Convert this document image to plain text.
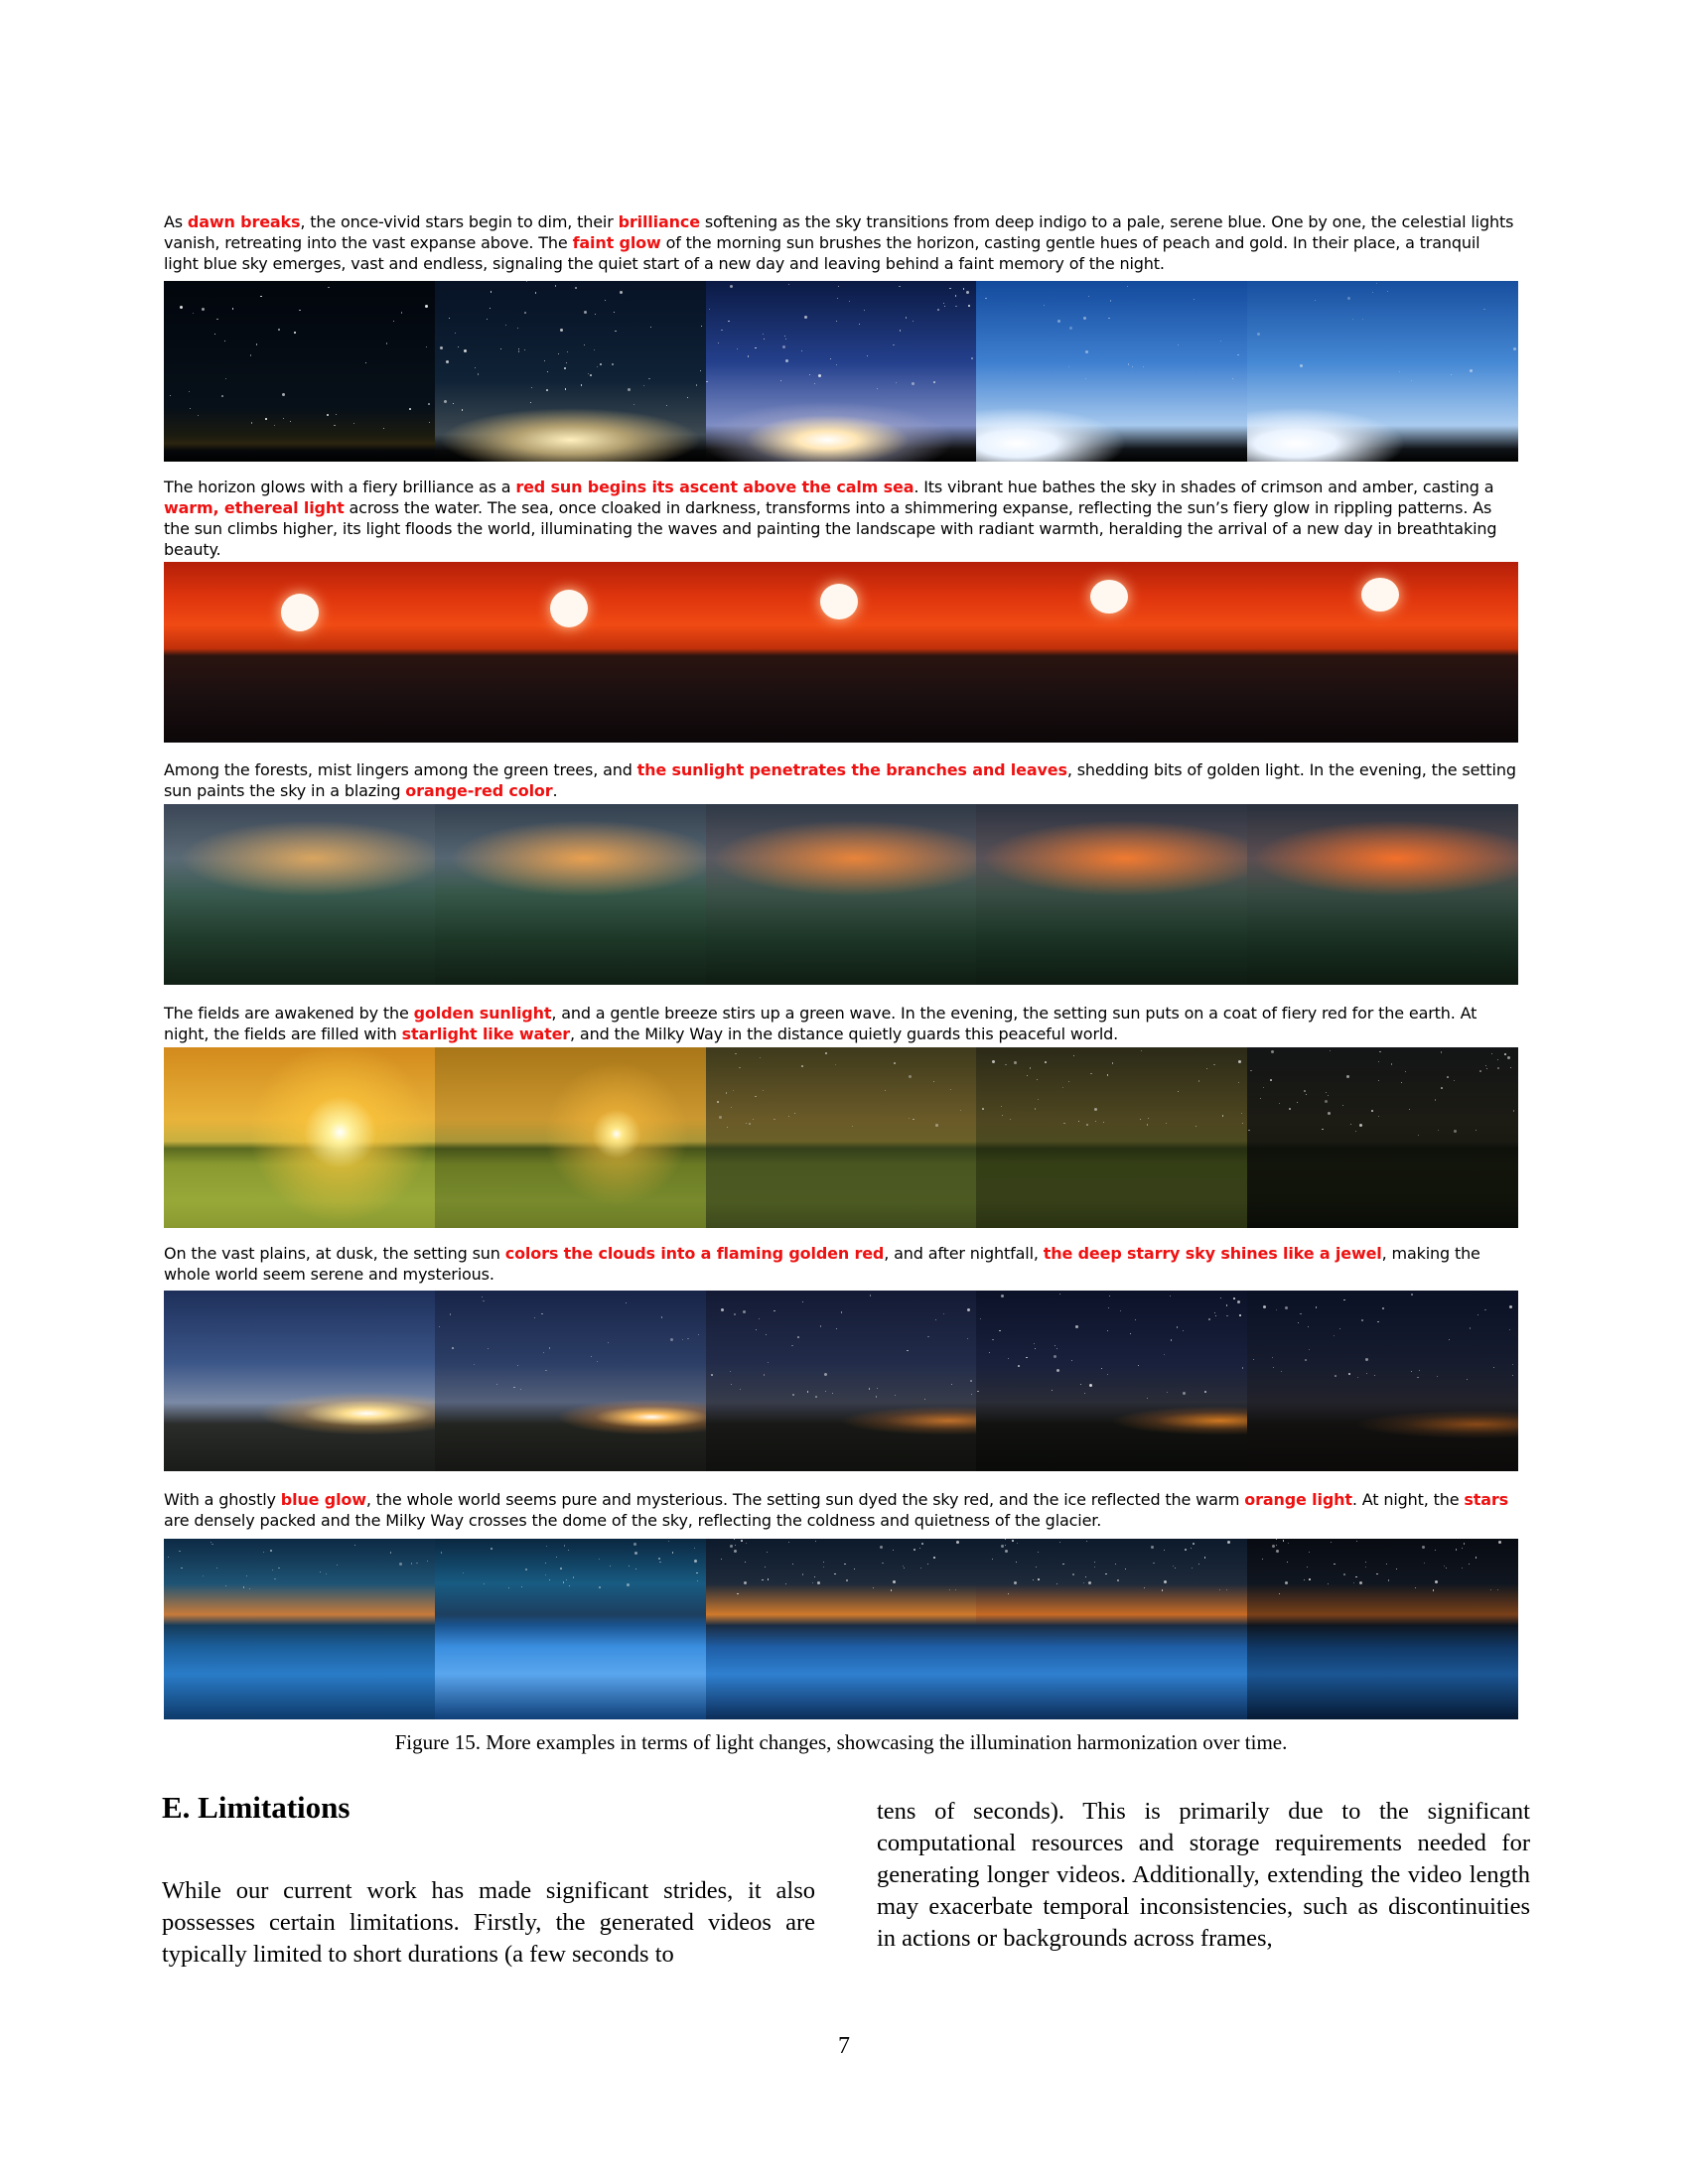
As dawn breaks, the once-vivid stars begin to dim, their brilliance softening as the sky transitions from deep indigo to a pale, serene blue. One by one, the celestial lights vanish, retreating into the vast expanse above. The faint glow of the morning sun brushes the horizon, casting gentle hues of peach and gold. In their place, a tranquil light blue sky emerges, vast and endless, signaling the quiet start of a new day and leaving behind a faint memory of the night.
The horizon glows with a fiery brilliance as a red sun begins its ascent above the calm sea. Its vibrant hue bathes the sky in shades of crimson and amber, casting a warm, ethereal light across the water. The sea, once cloaked in darkness, transforms into a shimmering expanse, reflecting the sun’s fiery glow in rippling patterns. As the sun climbs higher, its light floods the world, illuminating the waves and painting the landscape with radiant warmth, heralding the arrival of a new day in breathtaking beauty.
Among the forests, mist lingers among the green trees, and the sunlight penetrates the branches and leaves, shedding bits of golden light. In the evening, the setting sun paints the sky in a blazing orange-red color.
The fields are awakened by the golden sunlight, and a gentle breeze stirs up a green wave. In the evening, the setting sun puts on a coat of fiery red for the earth. At night, the fields are filled with starlight like water, and the Milky Way in the distance quietly guards this peaceful world.
On the vast plains, at dusk, the setting sun colors the clouds into a flaming golden red, and after nightfall, the deep starry sky shines like a jewel, making the whole world seem serene and mysterious.
With a ghostly blue glow, the whole world seems pure and mysterious. The setting sun dyed the sky red, and the ice reflected the warm orange light. At night, the stars are densely packed and the Milky Way crosses the dome of the sky, reflecting the coldness and quietness of the glacier.
Figure 15. More examples in terms of light changes, showcasing the illumination harmonization over time.
E. Limitations
While our current work has made significant strides, it also possesses certain limitations. Firstly, the generated videos are typically limited to short durations (a few seconds to
tens of seconds). This is primarily due to the significant computational resources and storage requirements needed for generating longer videos. Additionally, extending the video length may exacerbate temporal inconsistencies, such as discontinuities in actions or backgrounds across frames,
7
